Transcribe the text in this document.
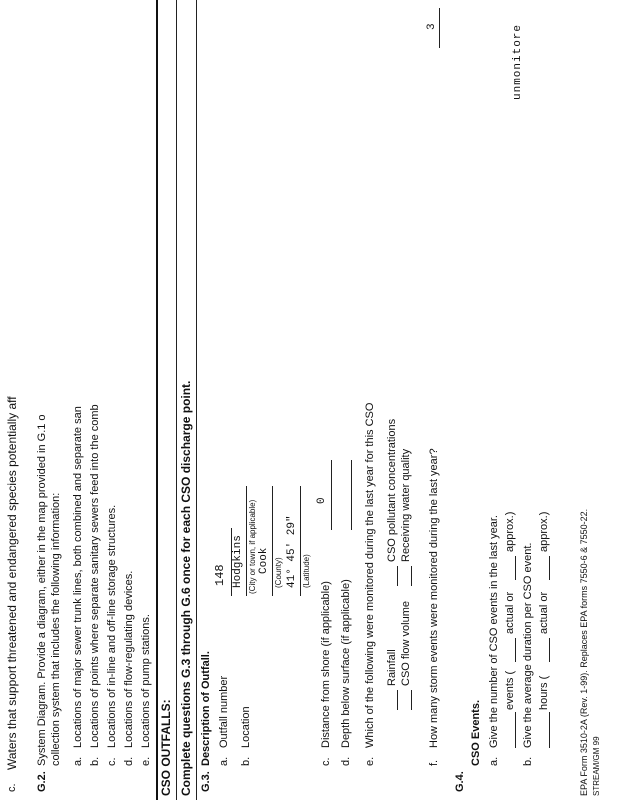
c.
Waters that support threatened and endangered species potentially aff
G.2.
System Diagram. Provide a diagram, either in the map provided in G.1 o collection system that includes the following information: a.
Locations of major sewer trunk lines, both combined and separate san
b.
Locations of points where separate sanitary sewers feed into the comb
c.
Locations of in-line and off-line storage structures.
d.
Locations of flow-regulating devices.
e.
Locations of pump stations. CSO OUTFALLS: Complete questions G.3 through G.6 once for each CSO discharge point. G.3.
Description of Outfall. a.
Outfall number
148
b.
Location
Hodgkins (City or town, if applicable) Cook (County) 41° 45' 29" (Latitude)
c.
Distance from shore (if applicable)
0
d.
Depth below surface (if applicable)
e.
Which of the following were monitored during the last year for this CSO Rainfall CSO flow volume
CSO pollutant concentrations Receiving water quality
f.
How many storm events were monitored during the last year?
3
G.4.
CSO Events. a.
Give the number of CSO events in the last year. events (
actual or
approx.)
b.
Give the average duration per CSO event. hours (
actual or
approx.)
unmonitore
EPA Form 3510-2A (Rev. 1-99). Replaces EPA forms 7550-6 & 7550-22. STREAM/GM 99
